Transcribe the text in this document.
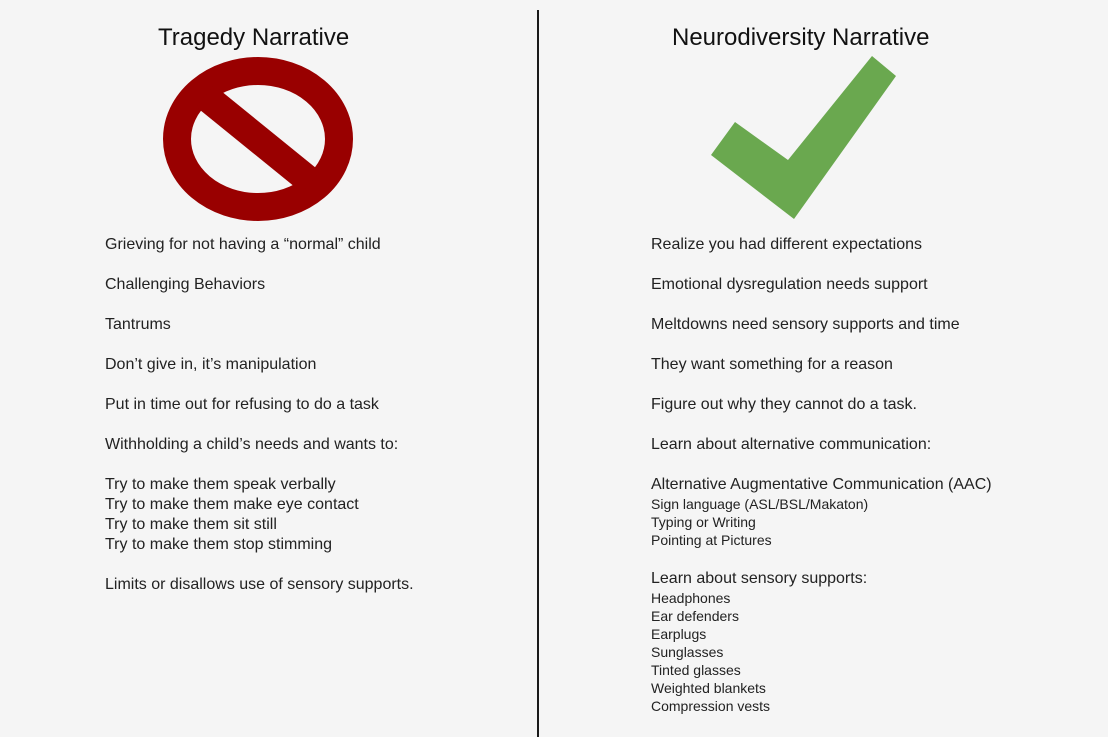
Tragedy Narrative
Grieving for not having a “normal” child
Challenging Behaviors
Tantrums
Don’t give in, it’s manipulation
Put in time out for refusing to do a task
Withholding a child’s needs and wants to:
Try to make them speak verbally
Try to make them make eye contact
Try to make them sit still
Try to make them stop stimming
Limits or disallows use of sensory supports.
Neurodiversity Narrative
Realize you had different expectations
Emotional dysregulation needs support
Meltdowns need sensory supports and time
They want something for a reason
Figure out why they cannot do a task.
Learn about alternative communication:
Alternative Augmentative Communication (AAC)
Sign language (ASL/BSL/Makaton)
Typing or Writing
Pointing at Pictures
Learn about sensory supports:
Headphones
Ear defenders
Earplugs
Sunglasses
Tinted glasses
Weighted blankets
Compression vests
